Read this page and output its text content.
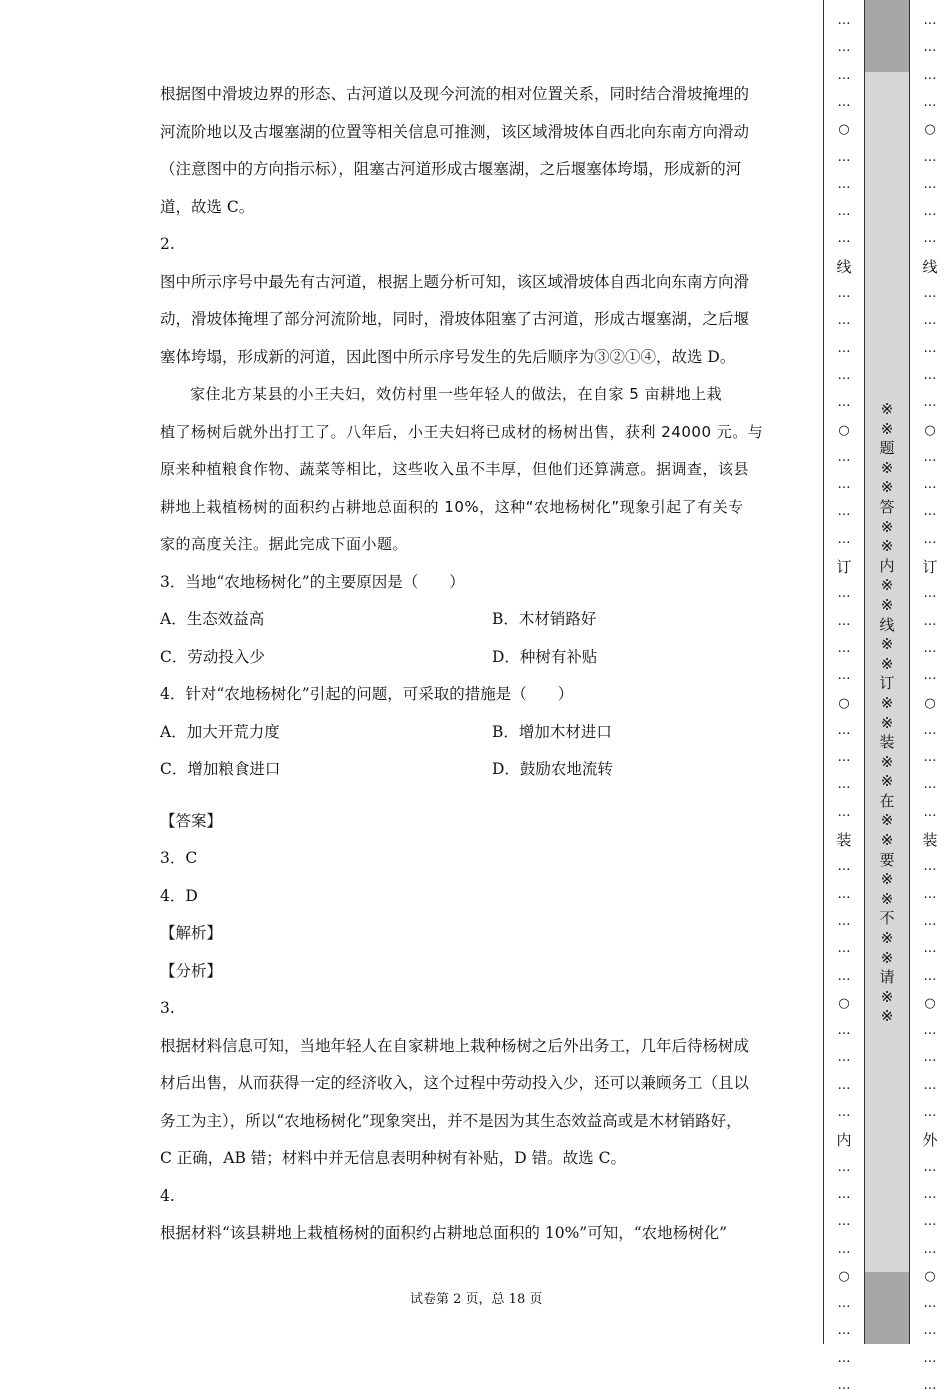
根据图中滑坡边界的形态、古河道以及现今河流的相对位置关系，同时结合滑坡掩埋的

河流阶地以及古堰塞湖的位置等相关信息可推测，该区域滑坡体自西北向东南方向滑动

（注意图中的方向指示标），阻塞古河道形成古堰塞湖，之后堰塞体垮塌，形成新的河

道，故选 C。

2.

图中所示序号中最先有古河道，根据上题分析可知，该区域滑坡体自西北向东南方向滑

动，滑坡体掩埋了部分河流阶地，同时，滑坡体阻塞了古河道，形成古堰塞湖，之后堰

塞体垮塌，形成新的河道，因此图中所示序号发生的先后顺序为③②①④，故选 D。

家住北方某县的小王夫妇，效仿村里一些年轻人的做法，在自家 5 亩耕地上栽

植了杨树后就外出打工了。八年后，小王夫妇将已成材的杨树出售，获利 24000 元。与

原来种植粮食作物、蔬菜等相比，这些收入虽不丰厚，但他们还算满意。据调查，该县

耕地上栽植杨树的面积约占耕地总面积的 10%，这种“农地杨树化”现象引起了有关专

家的高度关注。据此完成下面小题。

3．当地“农地杨树化”的主要原因是（　　）

A．生态效益高	B．木材销路好
C．劳动投入少	D．种树有补贴

4．针对“农地杨树化”引起的问题，可采取的措施是（　　）

A．加大开荒力度	B．增加木材进口
C．增加粮食进口	D．鼓励农地流转

【答案】

3．C

4．D

【解析】

【分析】

3.

根据材料信息可知，当地年轻人在自家耕地上栽种杨树之后外出务工，几年后待杨树成

材后出售，从而获得一定的经济收入，这个过程中劳动投入少，还可以兼顾务工（且以

务工为主），所以“农地杨树化”现象突出，并不是因为其生态效益高或是木材销路好，

C 正确，AB 错；材料中并无信息表明种树有补贴，D 错。故选 C。

4.

根据材料“该县耕地上栽植杨树的面积约占耕地总面积的 10%”可知，“农地杨树化”

试卷第 2 页，总 18 页
※
※
题
※
※
答
※
※
内
※
※
线
※
※
订
※
※
装
※
※
在
※
※
要
※
※
不
※
※
请
※
※
…
…
…
…
○
…
…
…
…
线
…
…
…
…
…
○
…
…
…
…
订
…
…
…
…
○
…
…
…
…
装
…
…
…
…
…
○
…
…
…
…
内
…
…
…
…
○
…
…
…
…
…
…
…
…
○
…
…
…
…
线
…
…
…
…
…
○
…
…
…
…
订
…
…
…
…
○
…
…
…
…
装
…
…
…
…
…
○
…
…
…
…
外
…
…
…
…
○
…
…
…
…
